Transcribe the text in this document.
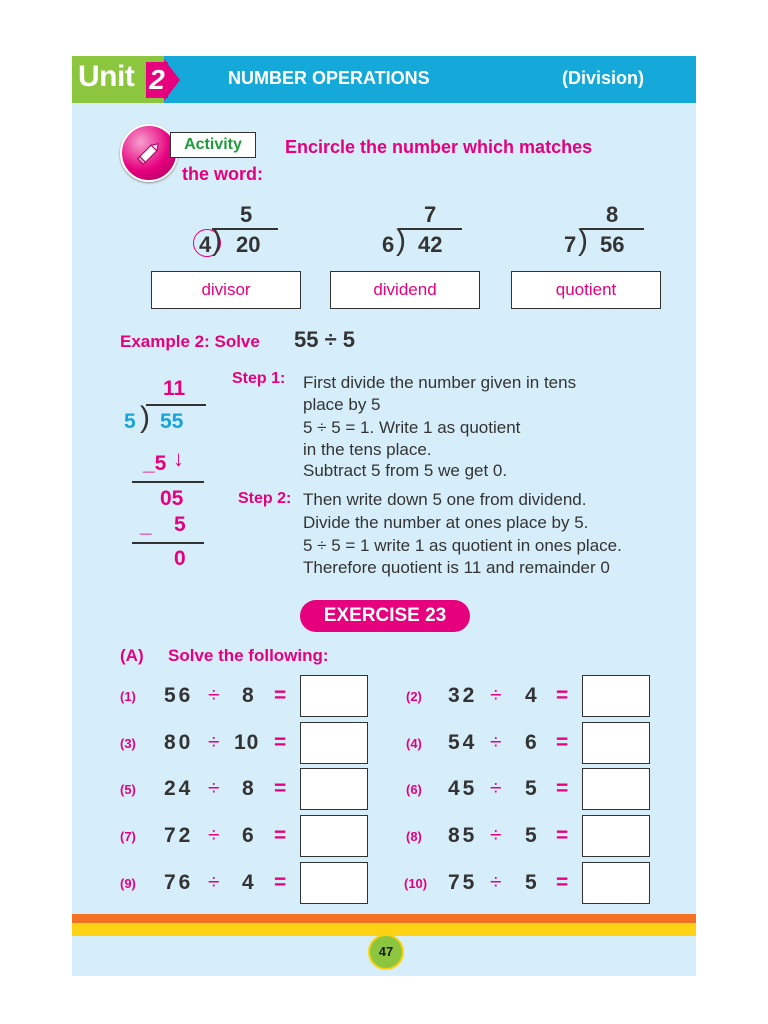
Unit 2	NUMBER OPERATIONS	(Division)
Activity	Encircle the number which matches
the word:
5
4 ) 20
7
6 ) 42
8
7 ) 56
divisor	dividend	quotient
Example 2: Solve 55 ÷ 5
11
5 ) 55
_5 ↓
05
_ 5
0
Step 1: First divide the number given in tens
place by 5
5 ÷ 5 = 1. Write 1 as quotient
in the tens place.
Subtract 5 from 5 we get 0.
Step 2: Then write down 5 one from dividend.
Divide the number at ones place by 5.
5 ÷ 5 = 1 write 1 as quotient in ones place.
Therefore quotient is 11 and remainder 0
EXERCISE 23
(A) Solve the following:
(1) 56 ÷ 8 =	(2) 32 ÷ 4 =
(3) 80 ÷ 10 =	(4) 54 ÷ 6 =
(5) 24 ÷ 8 =	(6) 45 ÷ 5 =
(7) 72 ÷ 6 =	(8) 85 ÷ 5 =
(9) 76 ÷ 4 =	(10) 75 ÷ 5 =
47
